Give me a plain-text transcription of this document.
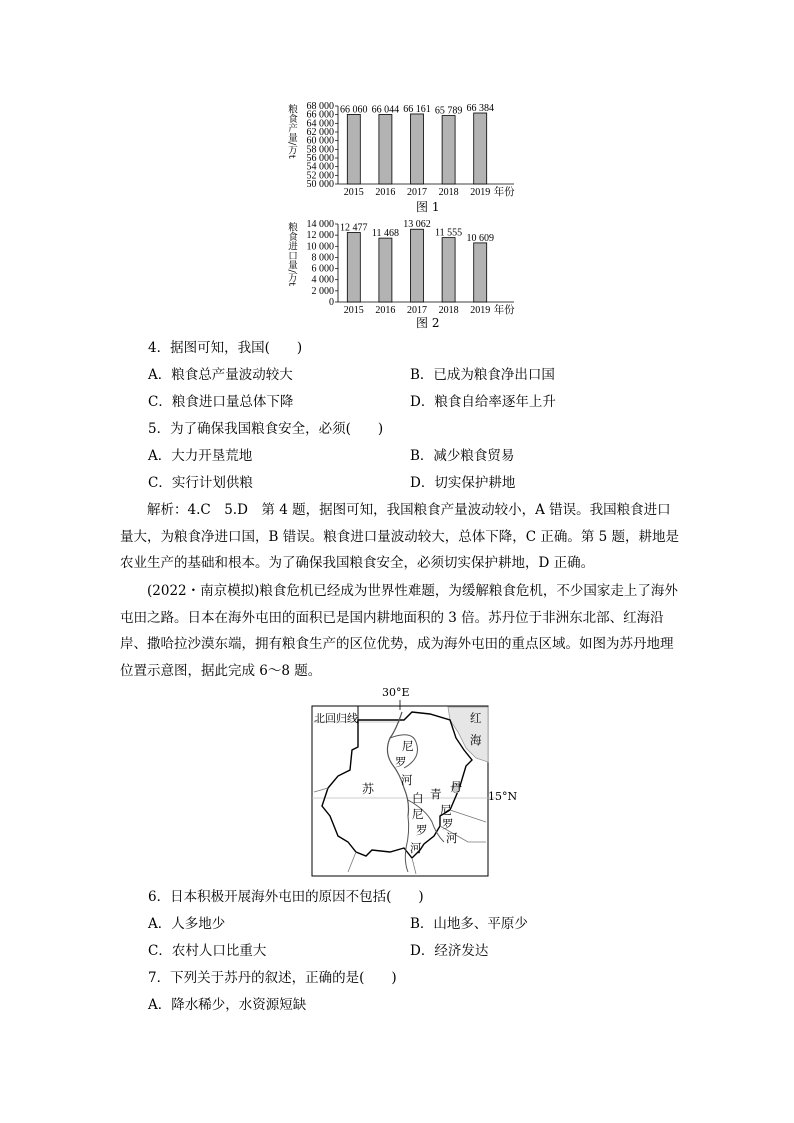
粮食产量/万t
50 000
52 000
54 000
56 000
58 000
60 000
62 000
64 000
66 000
68 000 66 060
2015
66 044
2016
66 161
2017
65 789
2018
66 384
2019 年份
图 1
粮食进口量/万t
0
2 000
4 000
6 000
8 000
10 000
12 000
14 000 12 477
2015
11 468
2016
13 062
2017
11 555
2018
10 609
2019 年份
图 2
4．据图可知，我国(　　)
A．粮食总产量波动较大	B．已成为粮食净出口国
C．粮食进口量总体下降	D．粮食自给率逐年上升
5．为了确保我国粮食安全，必须(　　)
A．大力开垦荒地	B．减少粮食贸易
C．实行计划供粮	D．切实保护耕地
解析：4.C　5.D　第 4 题，据图可知，我国粮食产量波动较小，A 错误。我国粮食进口量大，为粮食净进口国，B 错误。粮食进口量波动较大，总体下降，C 正确。第 5 题，耕地是农业生产的基础和根本。为了确保我国粮食安全，必须切实保护耕地，D 正确。
(2022・南京模拟)粮食危机已经成为世界性难题，为缓解粮食危机，不少国家走上了海外屯田之路。日本在海外屯田的面积已是国内耕地面积的 3 倍。苏丹位于非洲东北部、红海沿岸、撒哈拉沙漠东端，拥有粮食生产的区位优势，成为海外屯田的重点区域。如图为苏丹地理位置示意图，据此完成 6～8 题。
30°E
15°N
北回归线	红
海
尼
罗
河
苏	丹
白
尼
罗
河
青
尼
罗
河
6．日本积极开展海外屯田的原因不包括(　　)
A．人多地少	B．山地多、平原少
C．农村人口比重大	D．经济发达
7．下列关于苏丹的叙述，正确的是(　　)
A．降水稀少，水资源短缺
